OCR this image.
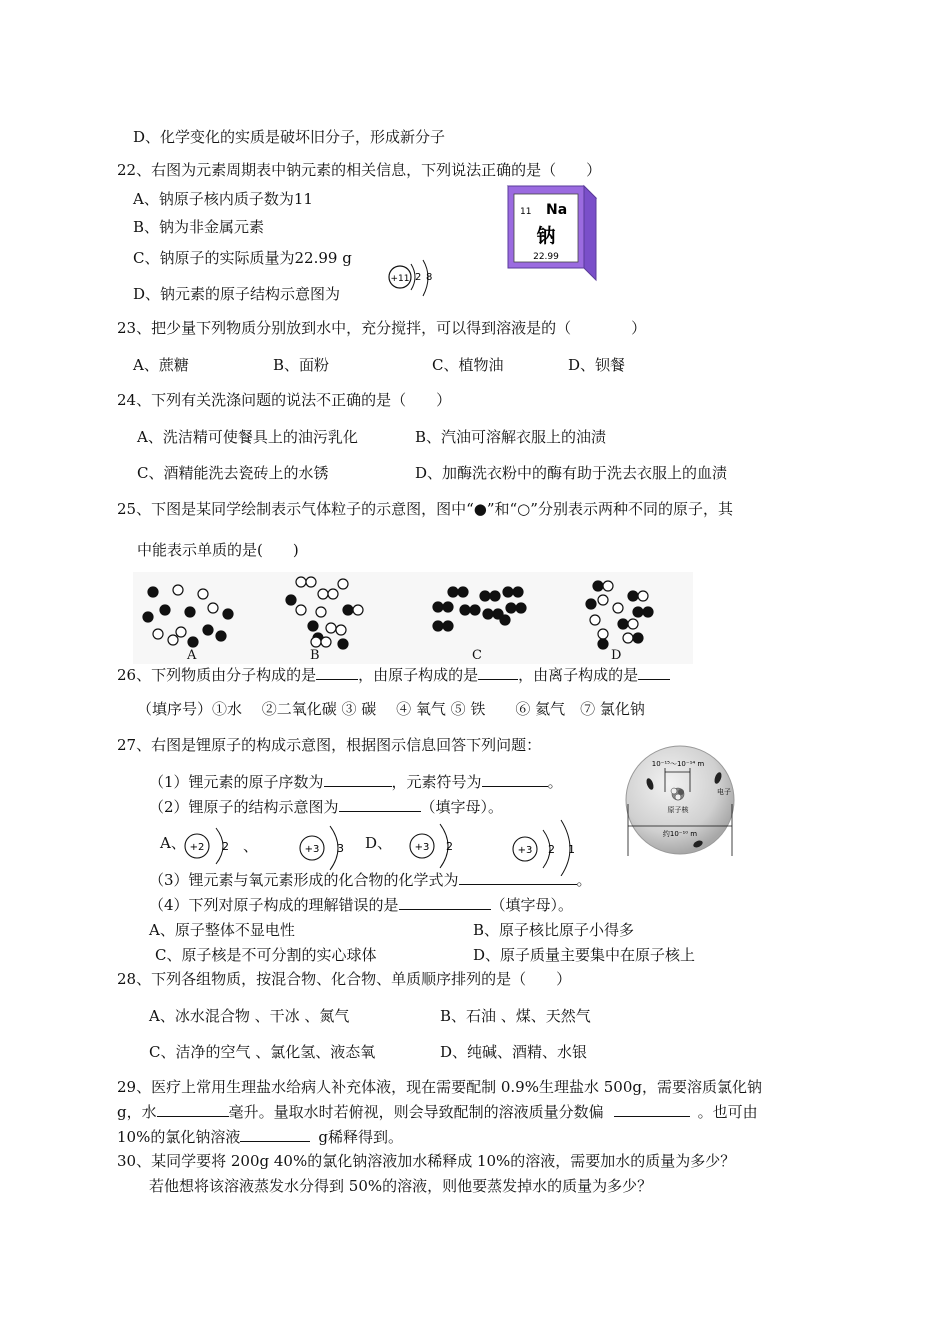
D、化学变化的实质是破坏旧分子，形成新分子
22、右图为元素周期表中钠元素的相关信息，下列说法正确的是（　　）
A、钠原子核内质子数为11
B、钠为非金属元素
C、钠原子的实际质量为22.99 g
D、钠元素的原子结构示意图为
+11 2 8
11 Na
钠
22.99
23、把少量下列物质分别放到水中，充分搅拌，可以得到溶液是的（　　　　）
A、蔗糖	B、面粉	C、植物油	D、钡餐
24、下列有关洗涤问题的说法不正确的是（　　）
A、洗洁精可使餐具上的油污乳化	B、汽油可溶解衣服上的油渍
C、酒精能洗去瓷砖上的水锈	D、加酶洗衣粉中的酶有助于洗去衣服上的血渍
25、下图是某同学绘制表示气体粒子的示意图，图中“●”和“○”分别表示两种不同的原子，其
中能表示单质的是(　　)
A	B	C	D
26、下列物质由分子构成的是	，由原子构成的是	，由离子构成的是
（填序号）①水　 ②二氧化碳 ③ 碳　 ④ 氧气 ⑤ 铁　　⑥ 氦气　⑦ 氯化钠
27、右图是锂原子的构成示意图，根据图示信息回答下列问题：
（1）锂元素的原子序数为	，元素符号为	。
（2）锂原子的结构示意图为	（填字母）。
A、	、	D、
+2 2	+3 3	+3 2	+3 2 1
（3）锂元素与氧元素形成的化合物的化学式为	。
（4）下列对原子构成的理解错误的是	（填字母）。
A、原子整体不显电性	B、原子核比原子小得多
C、原子核是不可分割的实心球体	D、原子质量主要集中在原子核上
10⁻¹⁵～10⁻¹⁴ m
原子核
电子
约10⁻¹⁰ m
28、下列各组物质，按混合物、化合物、单质顺序排列的是（　　）
A、冰水混合物 、干冰 、氮气	B、石油 、煤、天然气
C、洁净的空气 、氯化氢、液态氧	D、纯碱、酒精、水银
29、医疗上常用生理盐水给病人补充体液，现在需要配制 0.9%生理盐水 500g，需要溶质氯化钠
g，水	毫升。量取水时若俯视，则会导致配制的溶液质量分数偏	。也可由
10%的氯化钠溶液	g稀释得到。
30、某同学要将 200g 40%的氯化钠溶液加水稀释成 10%的溶液，需要加水的质量为多少？
若他想将该溶液蒸发水分得到 50%的溶液，则他要蒸发掉水的质量为多少？
